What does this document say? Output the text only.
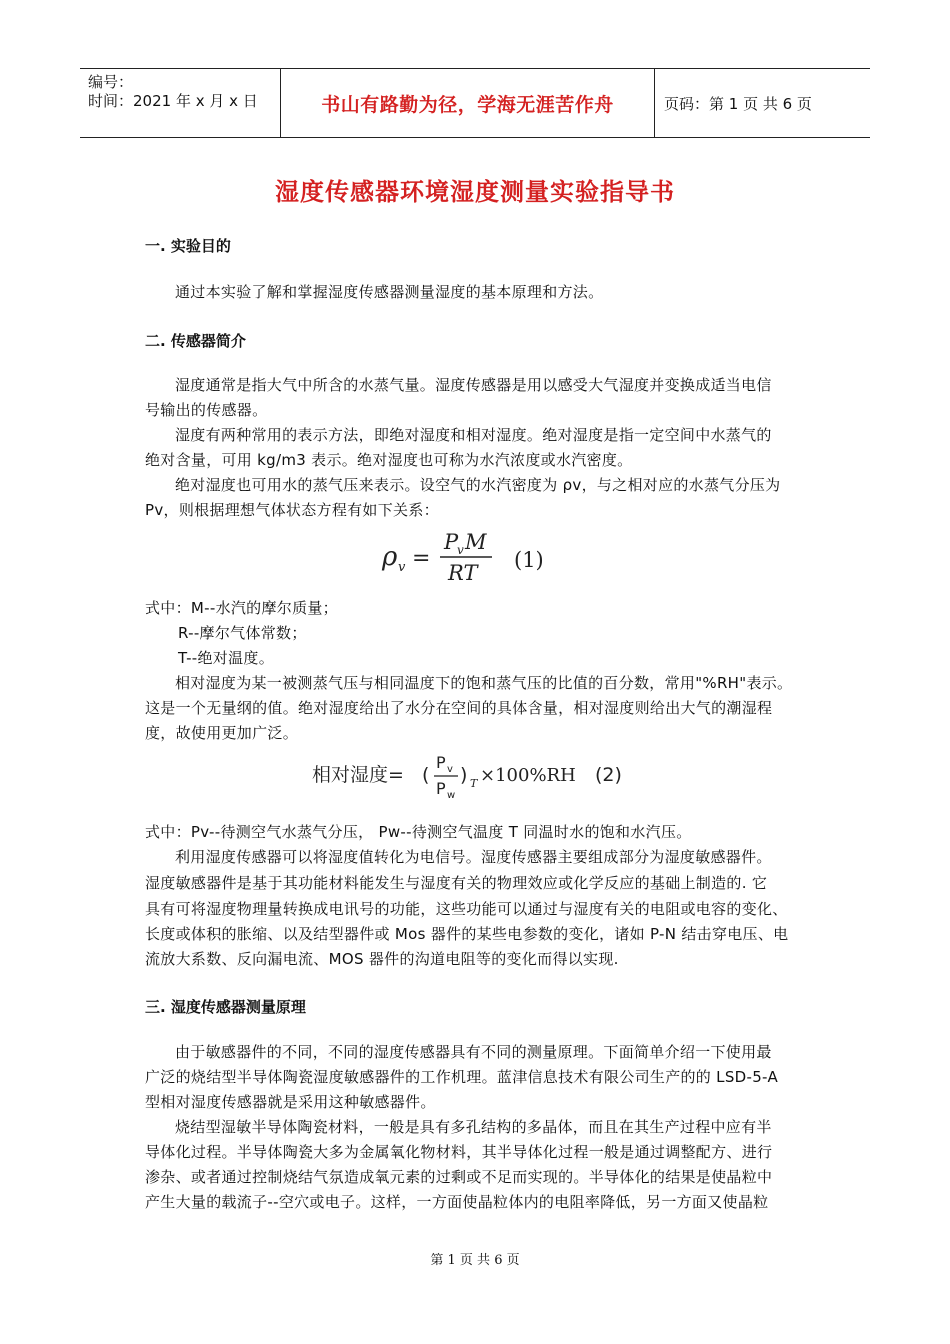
编号：
时间：2021 年 x 月 x 日	书山有路勤为径，学海无涯苦作舟	页码：第 1 页 共 6 页
湿度传感器环境湿度测量实验指导书
一. 实验目的
通过本实验了解和掌握湿度传感器测量湿度的基本原理和方法。
二. 传感器简介
湿度通常是指大气中所含的水蒸气量。湿度传感器是用以感受大气湿度并变换成适当电信
号输出的传感器。
湿度有两种常用的表示方法，即绝对湿度和相对湿度。绝对湿度是指一定空间中水蒸气的
绝对含量，可用 kg/m3 表示。绝对湿度也可称为水汽浓度或水汽密度。
绝对湿度也可用水的蒸气压来表示。设空气的水汽密度为 ρv，与之相对应的水蒸气分压为
Pv，则根据理想气体状态方程有如下关系：
ρ v =
P
v M
RT
(1)
式中：M--水汽的摩尔质量；
R--摩尔气体常数；
T--绝对温度。
相对湿度为某一被测蒸气压与相同温度下的饱和蒸气压的比值的百分数，常用"%RH"表示。
这是一个无量纲的值。绝对湿度给出了水分在空间的具体含量，相对湿度则给出大气的潮湿程
度，故使用更加广泛。
相对湿度= (
P v
P w
) T ×100%RH (2)
式中：Pv--待测空气水蒸气分压， Pw--待测空气温度 T 同温时水的饱和水汽压。
利用湿度传感器可以将湿度值转化为电信号。湿度传感器主要组成部分为湿度敏感器件。
湿度敏感器件是基于其功能材料能发生与湿度有关的物理效应或化学反应的基础上制造的. 它
具有可将湿度物理量转换成电讯号的功能，这些功能可以通过与湿度有关的电阻或电容的变化、
长度或体积的胀缩、以及结型器件或 Mos 器件的某些电参数的变化，诸如 P-N 结击穿电压、电
流放大系数、反向漏电流、MOS 器件的沟道电阻等的变化而得以实现.
三. 湿度传感器测量原理
由于敏感器件的不同，不同的湿度传感器具有不同的测量原理。下面简单介绍一下使用最
广泛的烧结型半导体陶瓷湿度敏感器件的工作机理。蓝津信息技术有限公司生产的的 LSD-5-A
型相对湿度传感器就是采用这种敏感器件。
烧结型湿敏半导体陶瓷材料，一般是具有多孔结构的多晶体，而且在其生产过程中应有半
导体化过程。半导体陶瓷大多为金属氧化物材料，其半导体化过程一般是通过调整配方、进行
渗杂、或者通过控制烧结气氛造成氧元素的过剩或不足而实现的。半导体化的结果是使晶粒中
产生大量的载流子--空穴或电子。这样，一方面使晶粒体内的电阻率降低，另一方面又使晶粒
第 1 页 共 6 页
